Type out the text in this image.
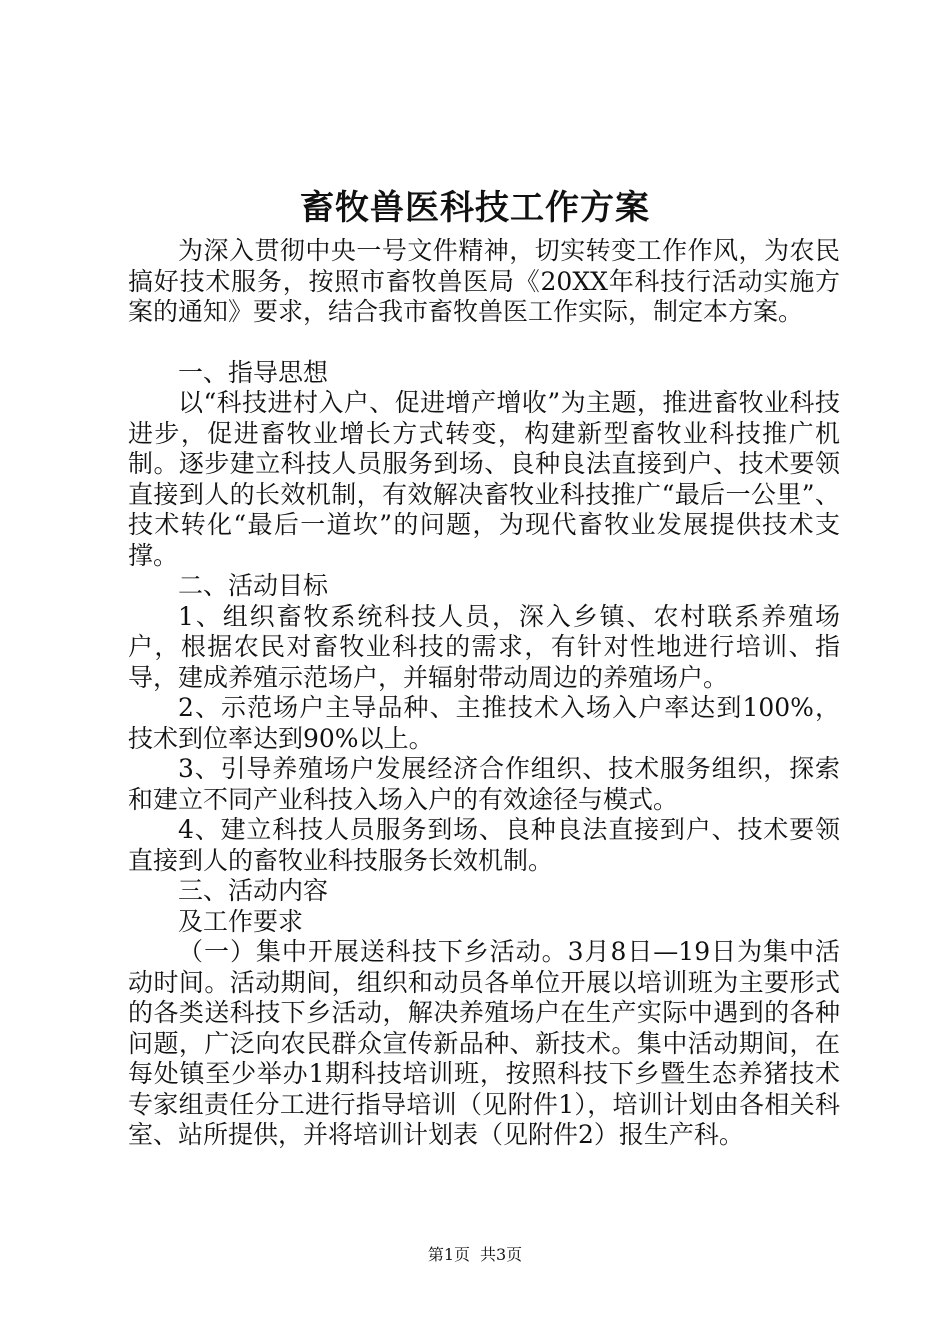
畜牧兽医科技工作方案

为深入贯彻中央一号文件精神，切实转变工作作风，为农民搞好技术服务，按照市畜牧兽医局《20XX年科技行活动实施方案的通知》要求，结合我市畜牧兽医工作实际，制定本方案。

一、指导思想

以“科技进村入户、促进增产增收”为主题，推进畜牧业科技进步，促进畜牧业增长方式转变，构建新型畜牧业科技推广机制。逐步建立科技人员服务到场、良种良法直接到户、技术要领直接到人的长效机制，有效解决畜牧业科技推广“最后一公里”、技术转化“最后一道坎”的问题，为现代畜牧业发展提供技术支撑。

二、活动目标

1、组织畜牧系统科技人员，深入乡镇、农村联系养殖场户，根据农民对畜牧业科技的需求，有针对性地进行培训、指导，建成养殖示范场户，并辐射带动周边的养殖场户。

2、示范场户主导品种、主推技术入场入户率达到100%，技术到位率达到90%以上。

3、引导养殖场户发展经济合作组织、技术服务组织，探索和建立不同产业科技入场入户的有效途径与模式。

4、建立科技人员服务到场、良种良法直接到户、技术要领直接到人的畜牧业科技服务长效机制。

三、活动内容

及工作要求

（一）集中开展送科技下乡活动。3月8日—19日为集中活动时间。活动期间，组织和动员各单位开展以培训班为主要形式的各类送科技下乡活动，解决养殖场户在生产实际中遇到的各种问题，广泛向农民群众宣传新品种、新技术。集中活动期间，在每处镇至少举办1期科技培训班，按照科技下乡暨生态养猪技术专家组责任分工进行指导培训（见附件1），培训计划由各相关科室、站所提供，并将培训计划表（见附件2）报生产科。

第1页 共3页
